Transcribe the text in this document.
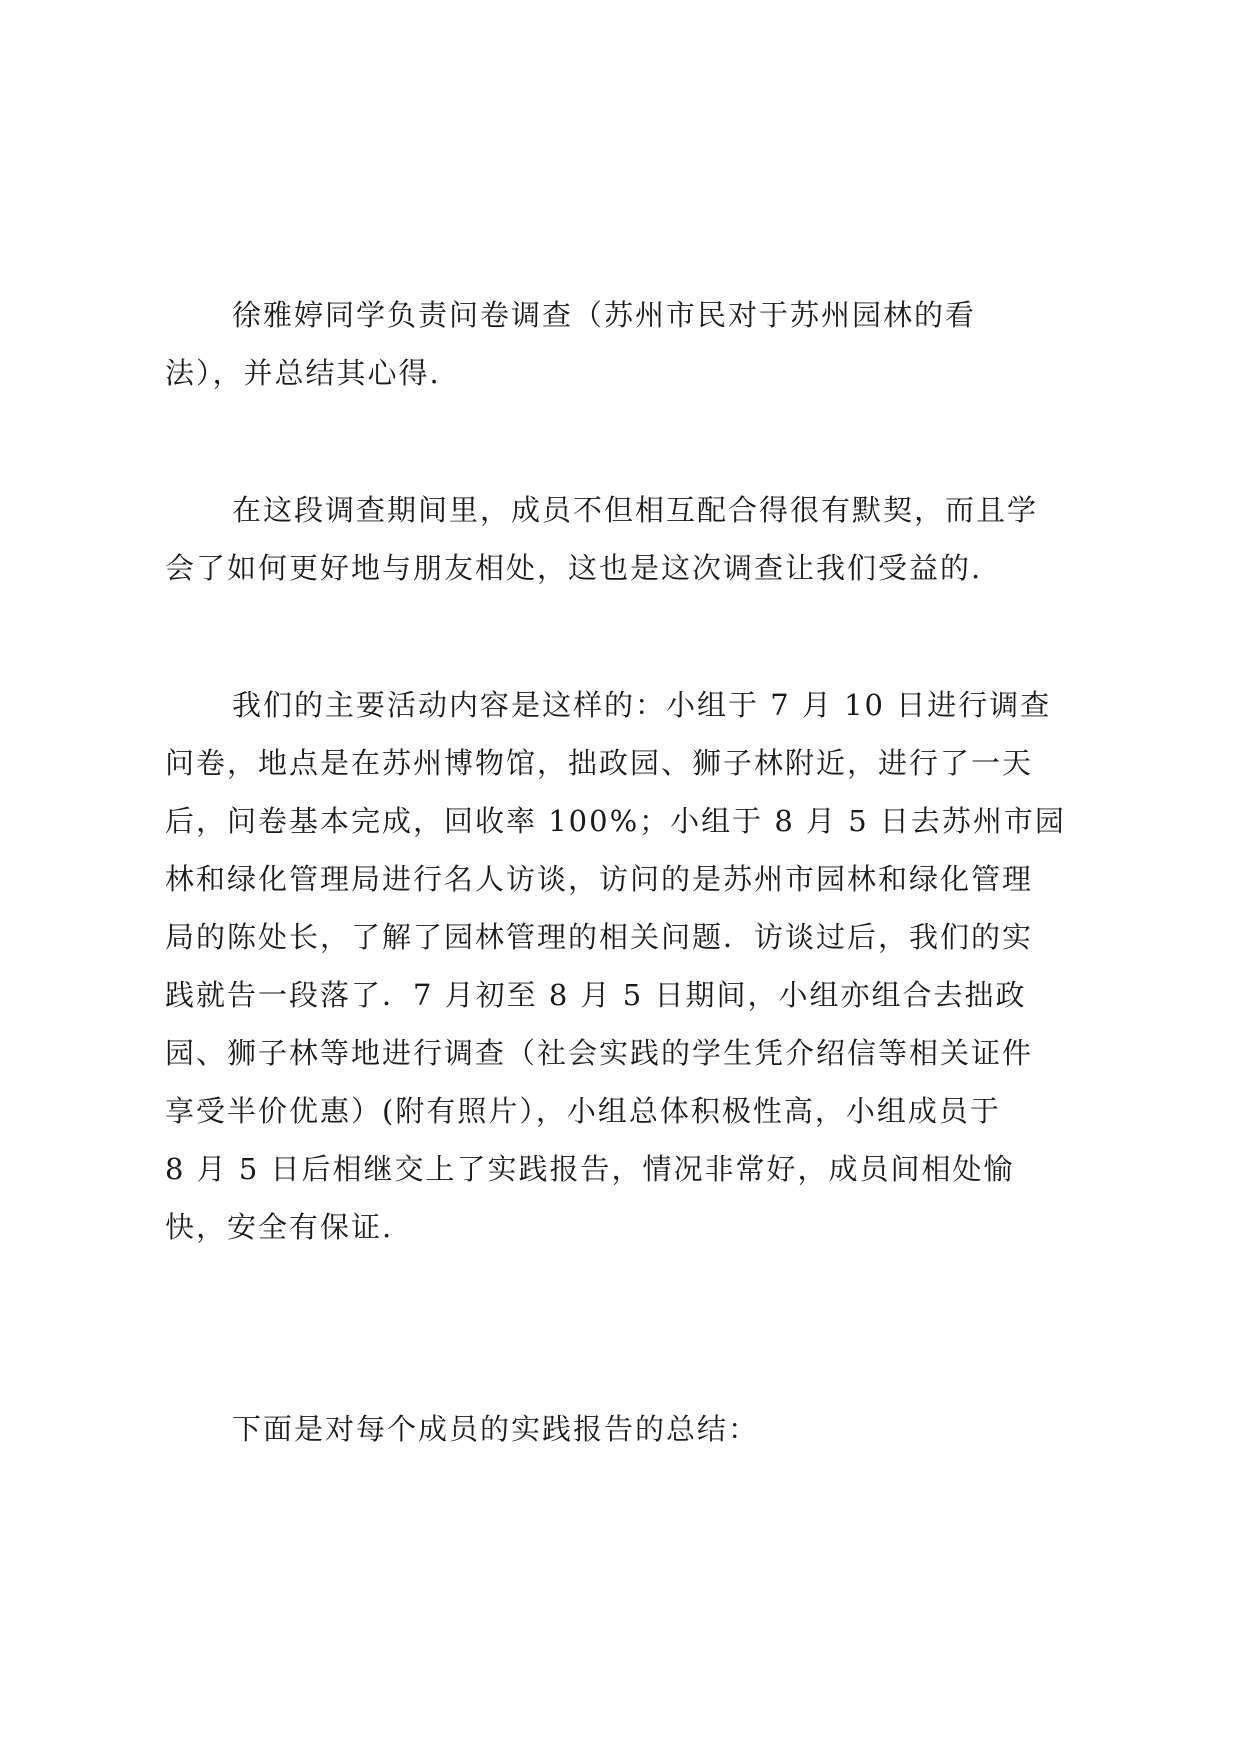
徐雅婷同学负责问卷调查（苏州市民对于苏州园林的看
法），并总结其心得.
在这段调查期间里，成员不但相互配合得很有默契，而且学
会了如何更好地与朋友相处，这也是这次调查让我们受益的.
我们的主要活动内容是这样的：小组于 7 月 10 日进行调查
问卷，地点是在苏州博物馆，拙政园、狮子林附近，进行了一天
后，问卷基本完成，回收率 100%；小组于 8 月 5 日去苏州市园
林和绿化管理局进行名人访谈，访问的是苏州市园林和绿化管理
局的陈处长，了解了园林管理的相关问题．访谈过后，我们的实
践就告一段落了．7 月初至 8 月 5 日期间，小组亦组合去拙政
园、狮子林等地进行调查（社会实践的学生凭介绍信等相关证件
享受半价优惠）(附有照片），小组总体积极性高，小组成员于
8 月 5 日后相继交上了实践报告，情况非常好，成员间相处愉
快，安全有保证.
下面是对每个成员的实践报告的总结：
